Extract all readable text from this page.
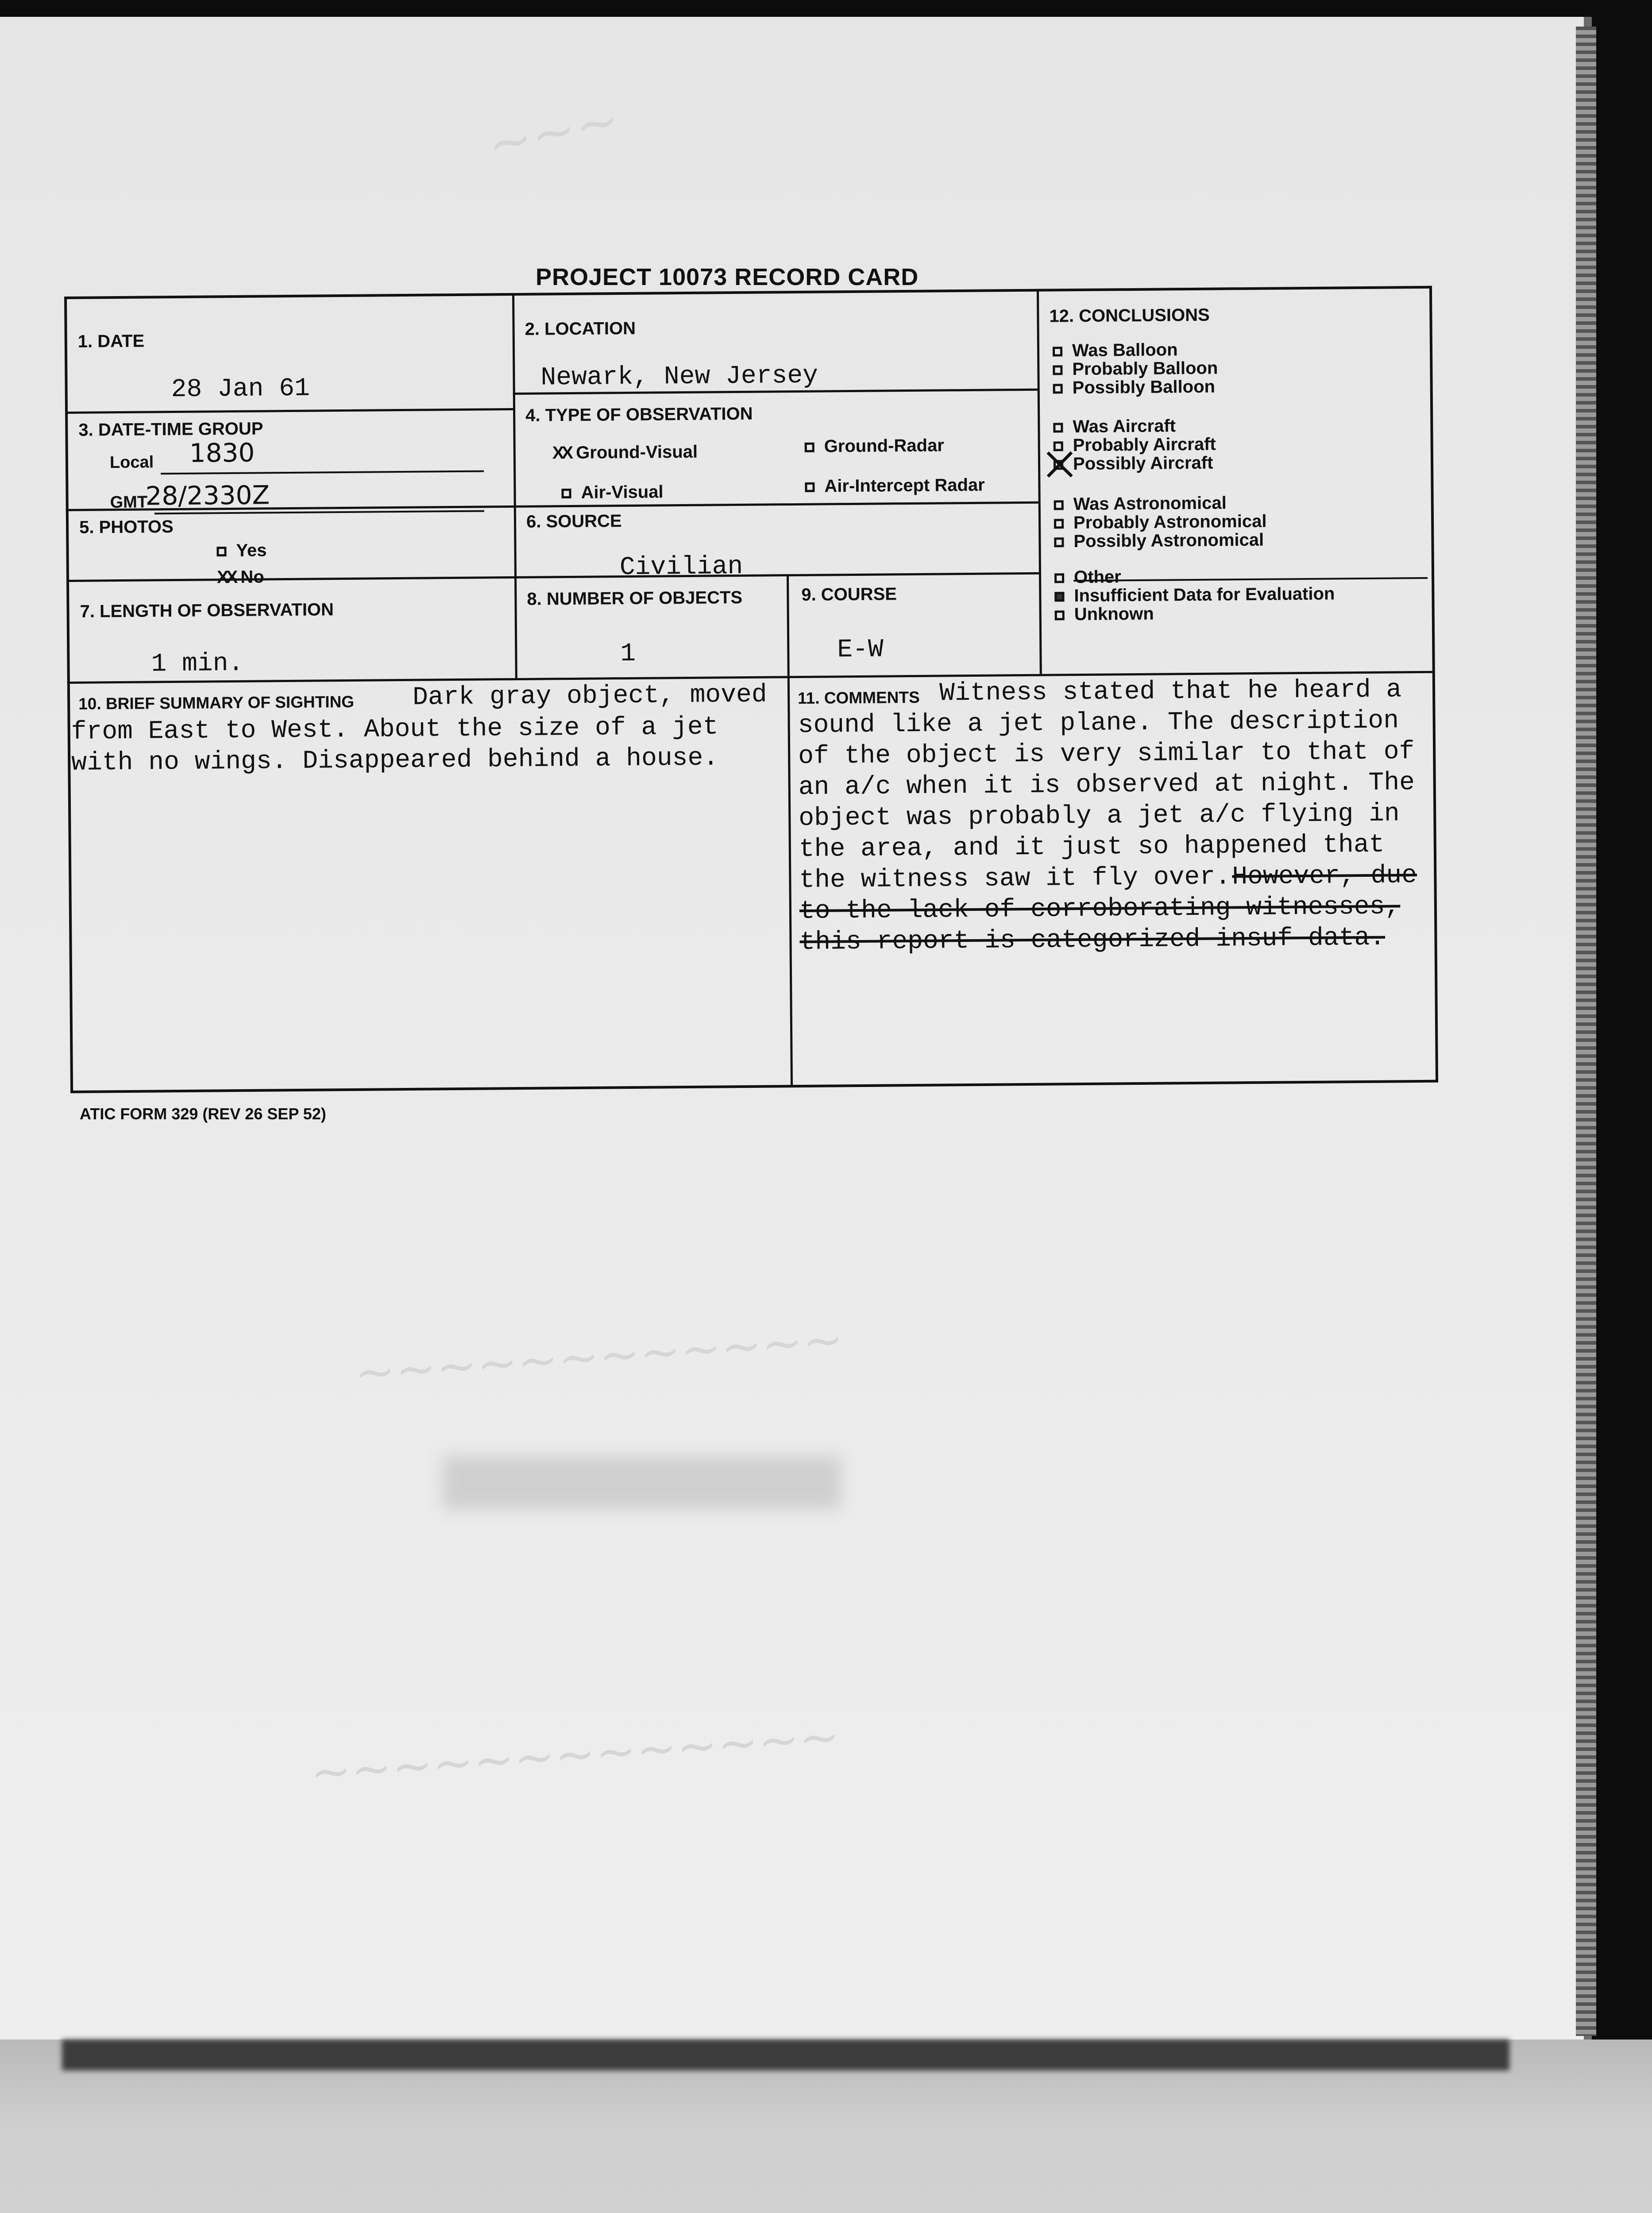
PROJECT 10073 RECORD CARD
1. DATE
28 Jan 61
2. LOCATION
Newark, New Jersey
3. DATE-TIME GROUP
Local 1830
GMT
28/2330Z
4. TYPE OF OBSERVATION
XX Ground-Visual	Ground-Radar
Air-Visual	Air-Intercept Radar
5. PHOTOS
Yes
XX No
6. SOURCE
Civilian
7. LENGTH OF OBSERVATION
1 min.
8. NUMBER OF OBJECTS
1
9. COURSE
E-W
12. CONCLUSIONS
Was Balloon
Probably Balloon
Possibly Balloon
Was Aircraft
Probably Aircraft
Possibly Aircraft
Was Astronomical
Probably Astronomical
Possibly Astronomical
Other
Insufficient Data for Evaluation
Unknown
10. BRIEF SUMMARY OF SIGHTING Dark gray object, moved
from East to West. About the size of a jet
with no wings. Disappeared behind a house.
11. COMMENTS Witness stated that he heard a
sound like a jet plane. The description
of the object is very similar to that of
an a/c when it is observed at night. The
object was probably a jet a/c flying in
the area, and it just so happened that
the witness saw it fly over. However, due
to the lack of corroborating witnesses,
this report is categorized insuf data.
ATIC FORM 329 (REV 26 SEP 52)
~~~
~~~~~~~~~~~~
~~~~~~~~~~~~~
